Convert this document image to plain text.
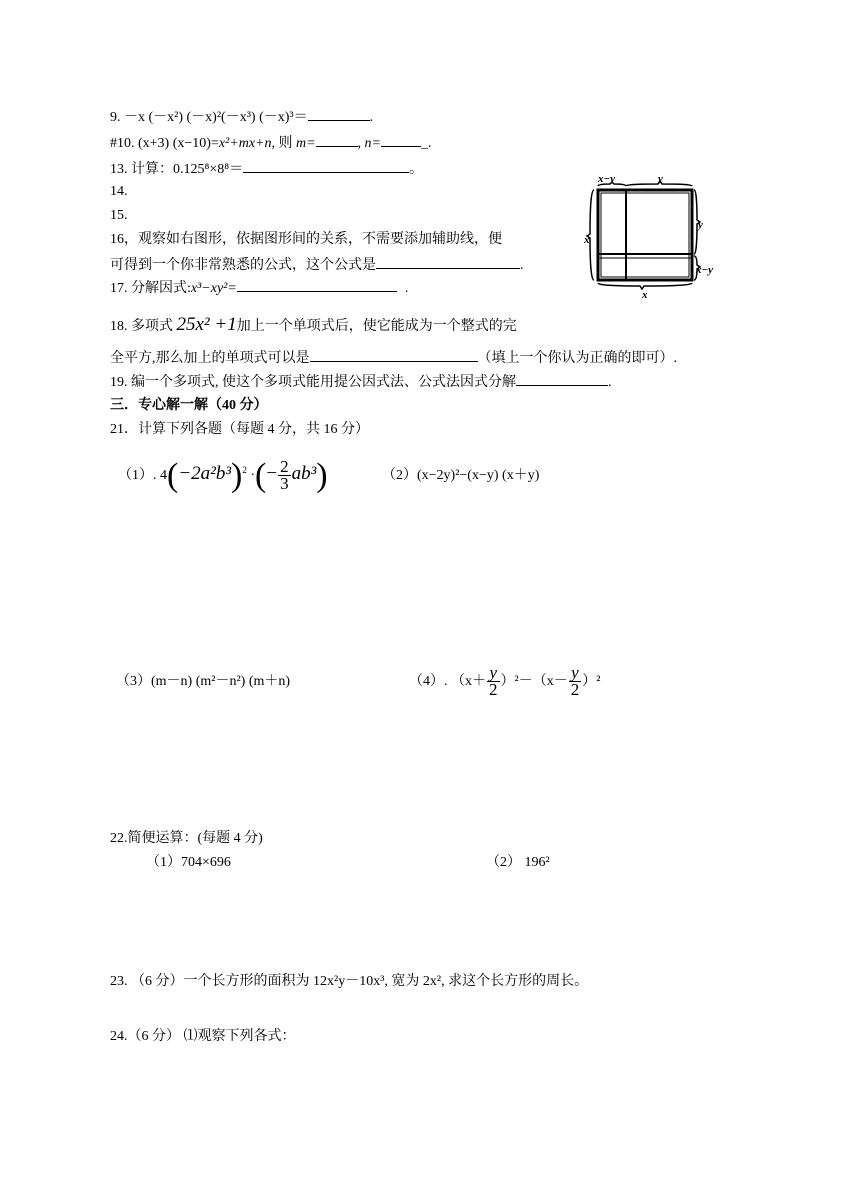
9. －x (－x²) (－x)²(－x³) (－x)³＝	.
#10. (x+3) (x−10)=x²+mx+n, 则 m=	, n=	_.
13. 计算：0.125⁸×8⁸＝	。
14.
15.
16，观察如右图形，依据图形间的关系，不需要添加辅助线，便
可得到一个你非常熟悉的公式，这个公式是	.
17. 分解因式:x³−xy²=	.
x−y	y
y
x−y
x
x
18. 多项式 25x² +1加上一个单项式后，使它能成为一个整式的完
全平方,那么加上的单项式可以是	（填上一个你认为正确的即可）.
19. 编一个多项式, 使这个多项式能用提公因式法、公式法因式分解	.
三．专心解一解（40 分）
21．计算下列各题（每题 4 分，共 16 分）
（1）. $4(-2a^2b^3)^2$ ·(− $\frac{2}{3} ab^3$)	（2）(x−2y)²−(x−y) (x＋y)
（3）(m－n) (m²－n²) (m＋n)	（4）. $(x+ \frac{y}{2} )^2-(x- \frac{y}{2} )^2$
22.简便运算：(每题 4 分)
（1）704×696	（2） 196²
23. （6 分）一个长方形的面积为 12x²y－10x³, 宽为 2x², 求这个长方形的周长。
24.（6 分） ⑴观察下列各式：
